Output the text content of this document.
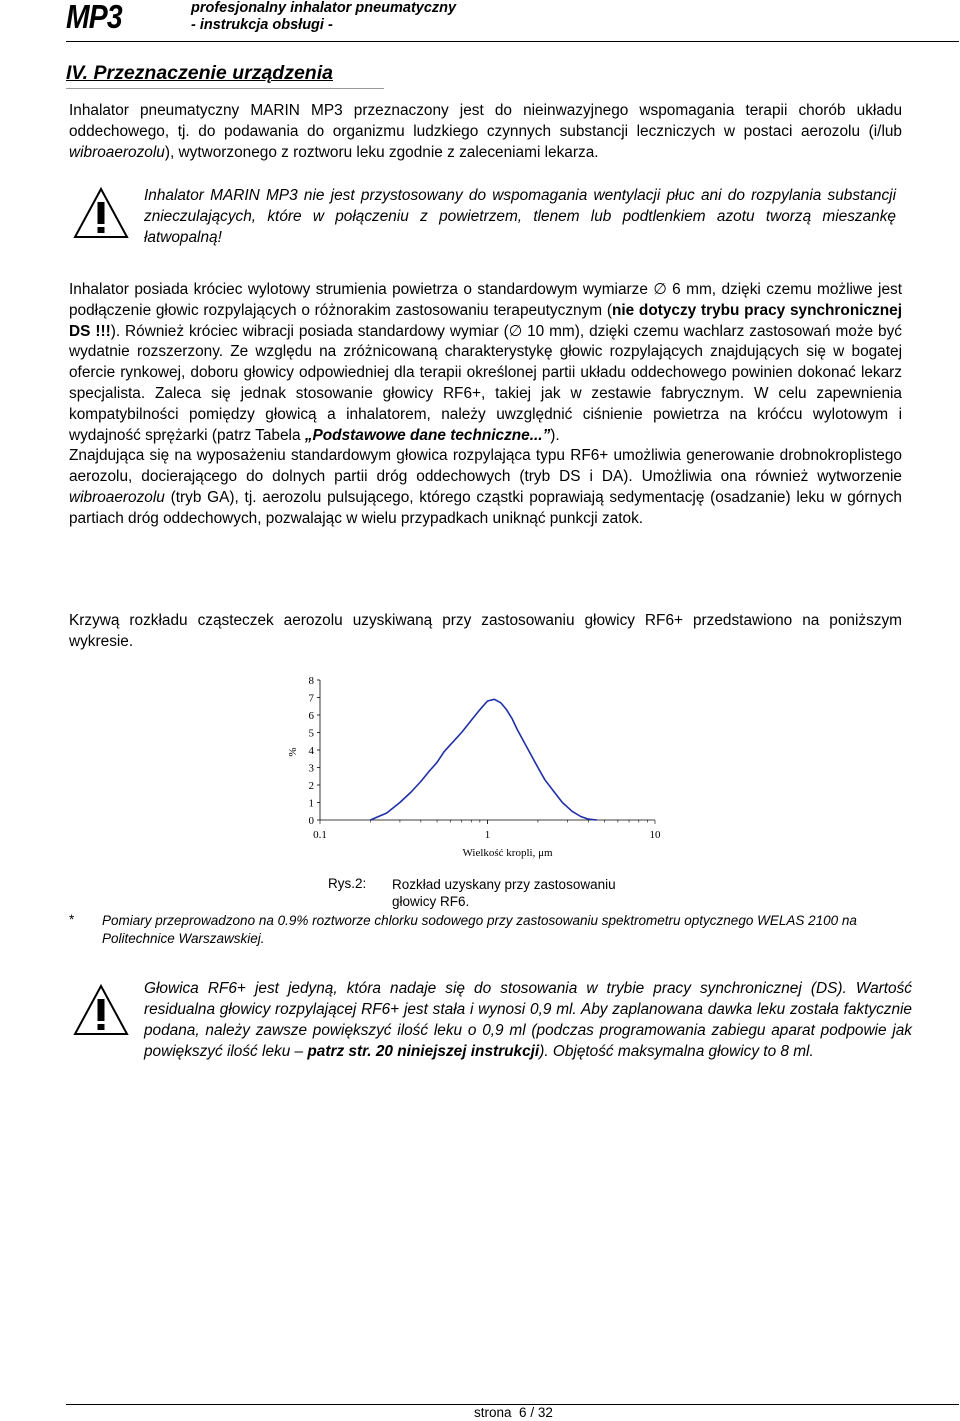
MP3	profesjonalny inhalator pneumatyczny
- instrukcja obsługi -
IV. Przeznaczenie urządzenia

Inhalator pneumatyczny MARIN MP3 przeznaczony jest do nieinwazyjnego wspomagania terapii chorób układu oddechowego, tj. do podawania do organizmu ludzkiego czynnych substancji leczniczych w postaci aerozolu (i/lub wibroaerozolu), wytworzonego z roztworu leku zgodnie z zaleceniami lekarza.

Inhalator MARIN MP3 nie jest przystosowany do wspomagania wentylacji płuc ani do rozpylania substancji znieczulających, które w połączeniu z powietrzem, tlenem lub podtlenkiem azotu tworzą mieszankę łatwopalną!

Inhalator posiada króciec wylotowy strumienia powietrza o standardowym wymiarze ∅ 6 mm, dzięki czemu możliwe jest podłączenie głowic rozpylających o różnorakim zastosowaniu terapeutycznym (nie dotyczy trybu pracy synchronicznej DS !!!). Również króciec wibracji posiada standardowy wymiar (∅ 10 mm), dzięki czemu wachlarz zastosowań może być wydatnie rozszerzony. Ze względu na zróżnicowaną charakterystykę głowic rozpylających znajdujących się w bogatej ofercie rynkowej, doboru głowicy odpowiedniej dla terapii określonej partii układu oddechowego powinien dokonać lekarz specjalista. Zaleca się jednak stosowanie głowicy RF6+, takiej jak w zestawie fabrycznym. W celu zapewnienia kompatybilności pomiędzy głowicą a inhalatorem, należy uwzględnić ciśnienie powietrza na króćcu wylotowym i wydajność sprężarki (patrz Tabela „Podstawowe dane techniczne...”).
Znajdująca się na wyposażeniu standardowym głowica rozpylająca typu RF6+ umożliwia generowanie drobnokroplistego aerozolu, docierającego do dolnych partii dróg oddechowych (tryb DS i DA). Umożliwia ona również wytworzenie wibroaerozolu (tryb GA), tj. aerozolu pulsującego, którego cząstki poprawiają sedymentację (osadzanie) leku w górnych partiach dróg oddechowych, pozwalając w wielu przypadkach uniknąć punkcji zatok.

Krzywą rozkładu cząsteczek aerozolu uzyskiwaną przy zastosowaniu głowicy RF6+ przedstawiono na poniższym wykresie.

0
1
2
3
4
5
6
7
8
0.1	1	10
Wielkość kropli, μm
%
Rys.2: Rozkład uzyskany przy zastosowaniu głowicy RF6.
* Pomiary przeprowadzono na 0.9% roztworze chlorku sodowego przy zastosowaniu spektrometru optycznego WELAS 2100 na Politechnice Warszawskiej.

Głowica RF6+ jest jedyną, która nadaje się do stosowania w trybie pracy synchronicznej (DS). Wartość residualna głowicy rozpylającej RF6+ jest stała i wynosi 0,9 ml. Aby zaplanowana dawka leku została faktycznie podana, należy zawsze powiększyć ilość leku o 0,9 ml (podczas programowania zabiegu aparat podpowie jak powiększyć ilość leku – patrz str. 20 niniejszej instrukcji). Objętość maksymalna głowicy to 8 ml.

strona 6 / 32
